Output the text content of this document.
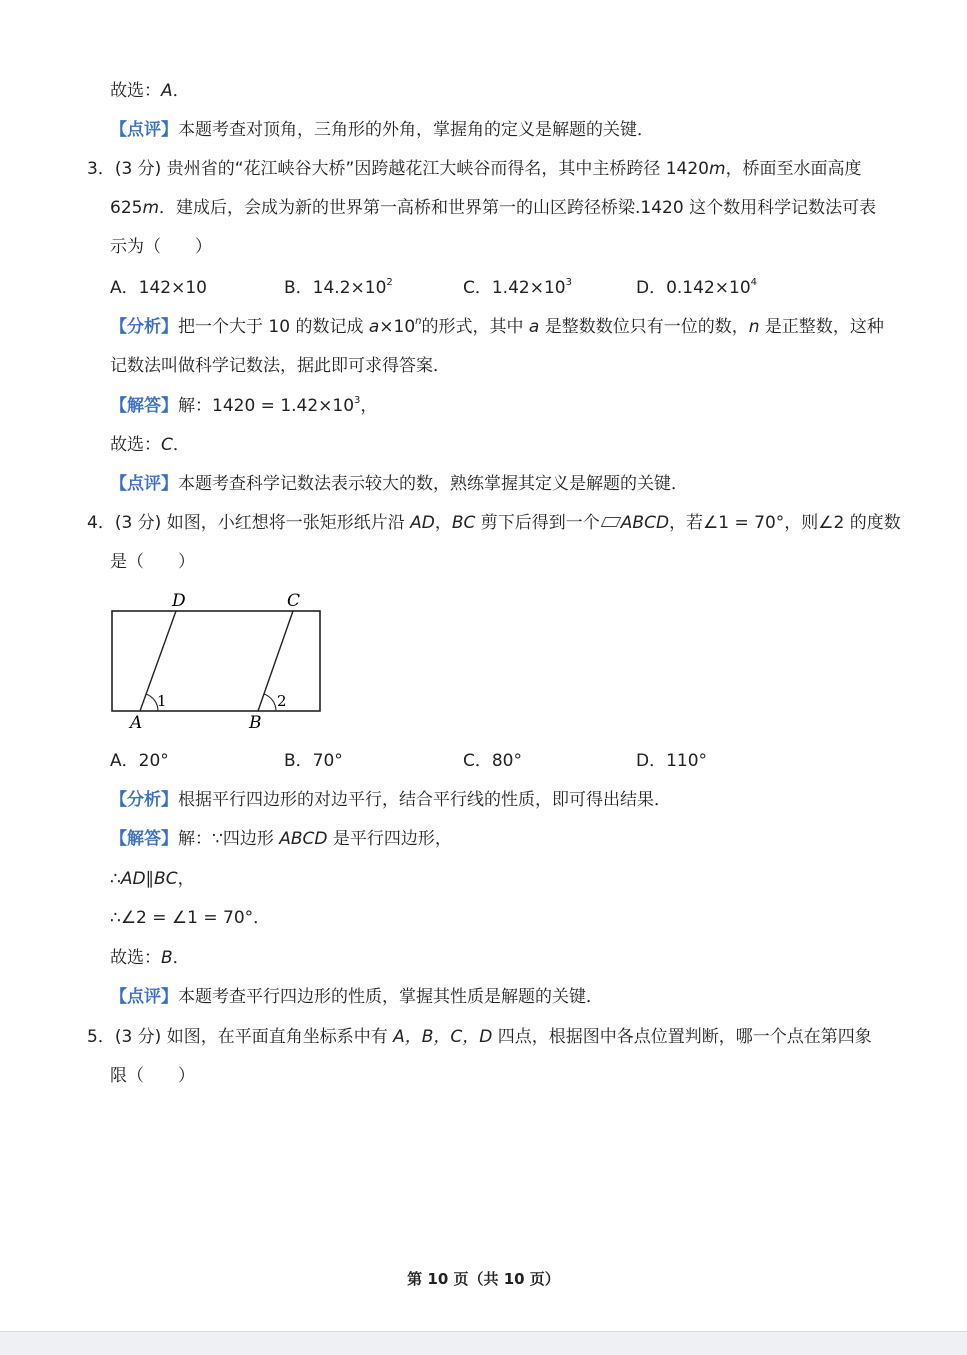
故选：A．
【点评】本题考查对顶角，三角形的外角，掌握角的定义是解题的关键．
3．(3 分) 贵州省的“花江峡谷大桥”因跨越花江大峡谷而得名，其中主桥跨径 1420m，桥面至水面高度
625m．建成后，会成为新的世界第一高桥和世界第一的山区跨径桥梁.1420 这个数用科学记数法可表
示为（　　）
A．142×10	B．$14.2\times 10^2$	C．$1.42\times 10^3$	D．$0.142\times 10^4$
【分析】把一个大于 10 的数记成 $a\times 10^n$的形式，其中 a 是整数数位只有一位的数，n 是正整数，这种
记数法叫做科学记数法，据此即可求得答案．
【解答】解：$1420 = 1.42\times 10^3$，
故选：C．
【点评】本题考查科学记数法表示较大的数，熟练掌握其定义是解题的关键．
4．(3 分) 如图，小红想将一张矩形纸片沿 AD，BC 剪下后得到一个 ABCD，若∠1 = 70°，则∠2 的度数
是（　　）
D	C
A	B
1	2
A．20°	B．70°	C．80°	D．110°
【分析】根据平行四边形的对边平行，结合平行线的性质，即可得出结果．
【解答】解：∵四边形 ABCD 是平行四边形，
∴AD∥BC，
∴∠2 = ∠1 = 70°．
故选：B．
【点评】本题考查平行四边形的性质，掌握其性质是解题的关键．
5．(3 分) 如图，在平面直角坐标系中有 A，B，C，D 四点，根据图中各点位置判断，哪一个点在第四象
限（　　）
第 10 页（共 10 页）
